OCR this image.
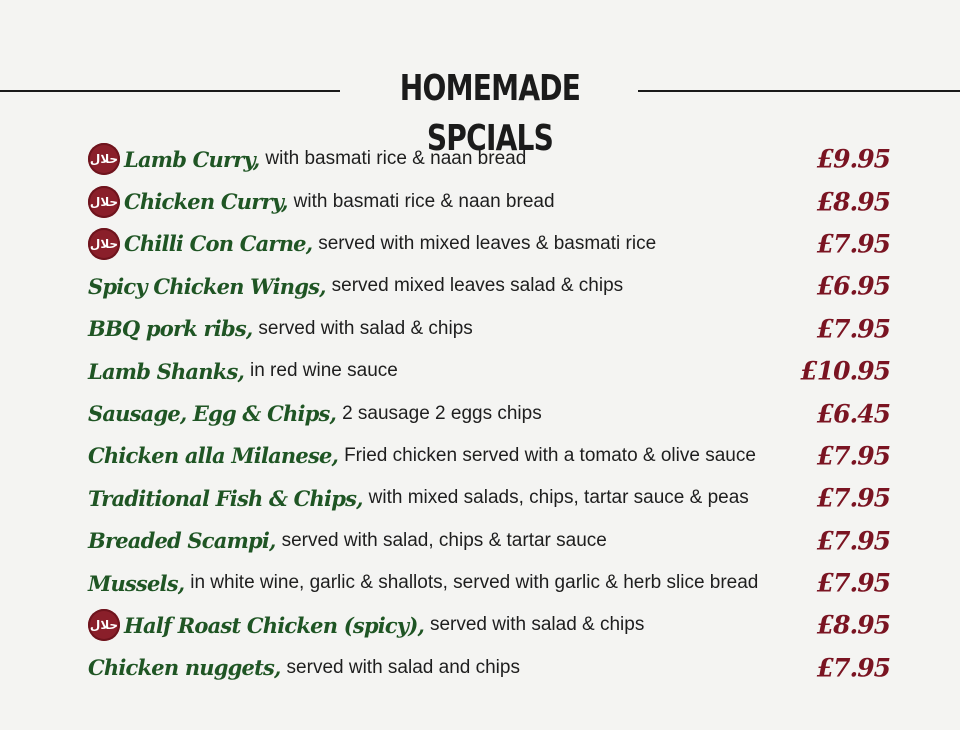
HOMEMADE SPCIALS
حلال Lamb Curry, with basmati rice & naan bread	£9.95
حلال Chicken Curry, with basmati rice & naan bread	£8.95
حلال Chilli Con Carne, served with mixed leaves & basmati rice	£7.95
Spicy Chicken Wings, served mixed leaves salad & chips	£6.95
BBQ pork ribs, served with salad & chips	£7.95
Lamb Shanks, in red wine sauce	£10.95
Sausage, Egg & Chips, 2 sausage 2 eggs chips	£6.45
Chicken alla Milanese, Fried chicken served with a tomato & olive sauce £7.95
Traditional Fish & Chips, with mixed salads, chips, tartar sauce & peas	£7.95
Breaded Scampi, served with salad, chips & tartar sauce	£7.95
Mussels, in white wine, garlic & shallots, served with garlic & herb slice bread £7.95
حلال Half Roast Chicken (spicy), served with salad & chips	£8.95
Chicken nuggets, served with salad and chips	£7.95
